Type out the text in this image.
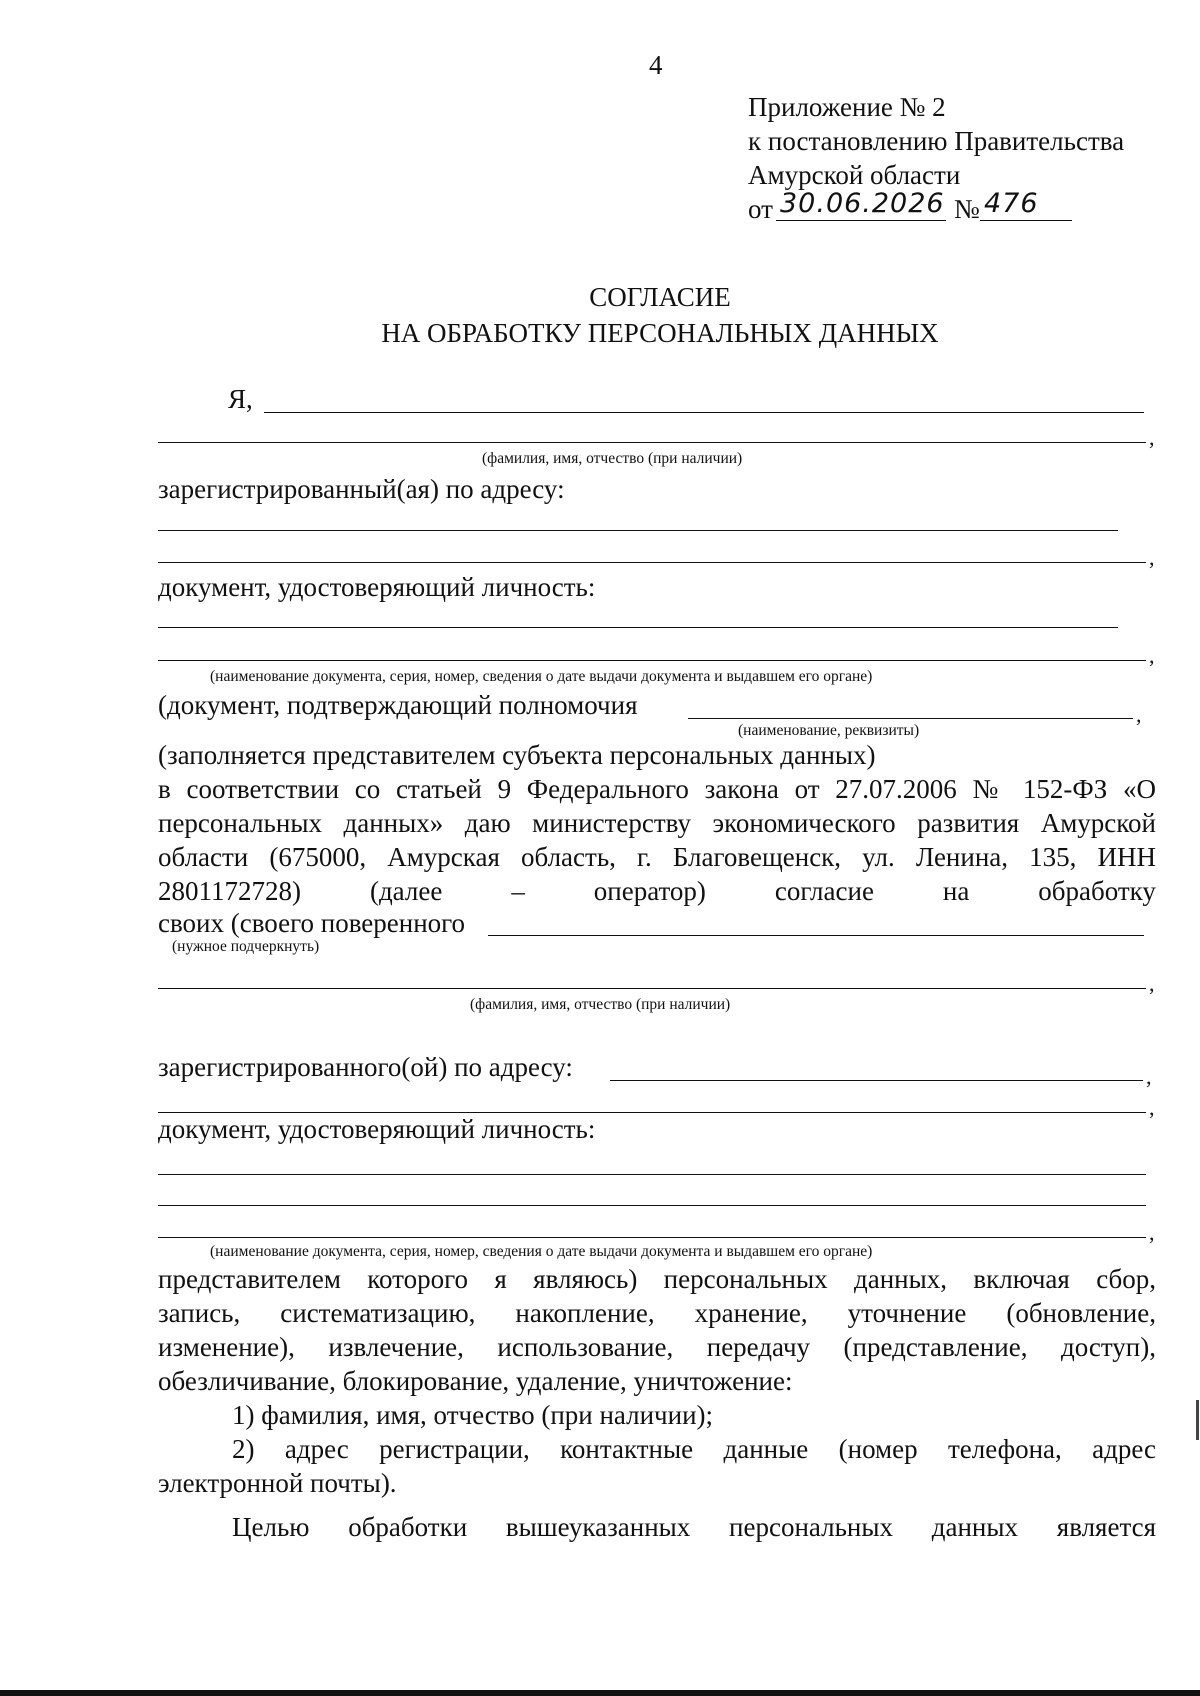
4
Приложение № 2
к постановлению Правительства
Амурской области
от 30.06.2026 № 476
СОГЛАСИЕ
НА ОБРАБОТКУ ПЕРСОНАЛЬНЫХ ДАННЫХ
Я,
,
(фамилия, имя, отчество (при наличии)
зарегистрированный(ая) по адресу:
,
документ, удостоверяющий личность:
,
(наименование документа, серия, номер, сведения о дате выдачи документа и выдавшем его органе)
(документ, подтверждающий полномочия	,
(наименование, реквизиты)
(заполняется представителем субъекта персональных данных)
в соответствии со статьей 9 Федерального закона от 27.07.2006 № 152-ФЗ «О
персональных данных» даю министерству экономического развития Амурской
области (675000, Амурская область, г. Благовещенск, ул. Ленина, 135, ИНН
2801172728)	(далее	–	оператор)	согласие	на	обработку
своих (своего поверенного
(нужное подчеркнуть)
,
(фамилия, имя, отчество (при наличии)
зарегистрированного(ой) по адресу:	,
,
документ, удостоверяющий личность:
,
(наименование документа, серия, номер, сведения о дате выдачи документа и выдавшем его органе)
представителем которого я являюсь) персональных данных, включая сбор,
запись, систематизацию, накопление, хранение, уточнение (обновление,
изменение), извлечение, использование, передачу (представление, доступ),
обезличивание, блокирование, удаление, уничтожение:
1) фамилия, имя, отчество (при наличии);
2) адрес регистрации, контактные данные (номер телефона, адрес
электронной почты).
Целью обработки вышеуказанных персональных данных является
